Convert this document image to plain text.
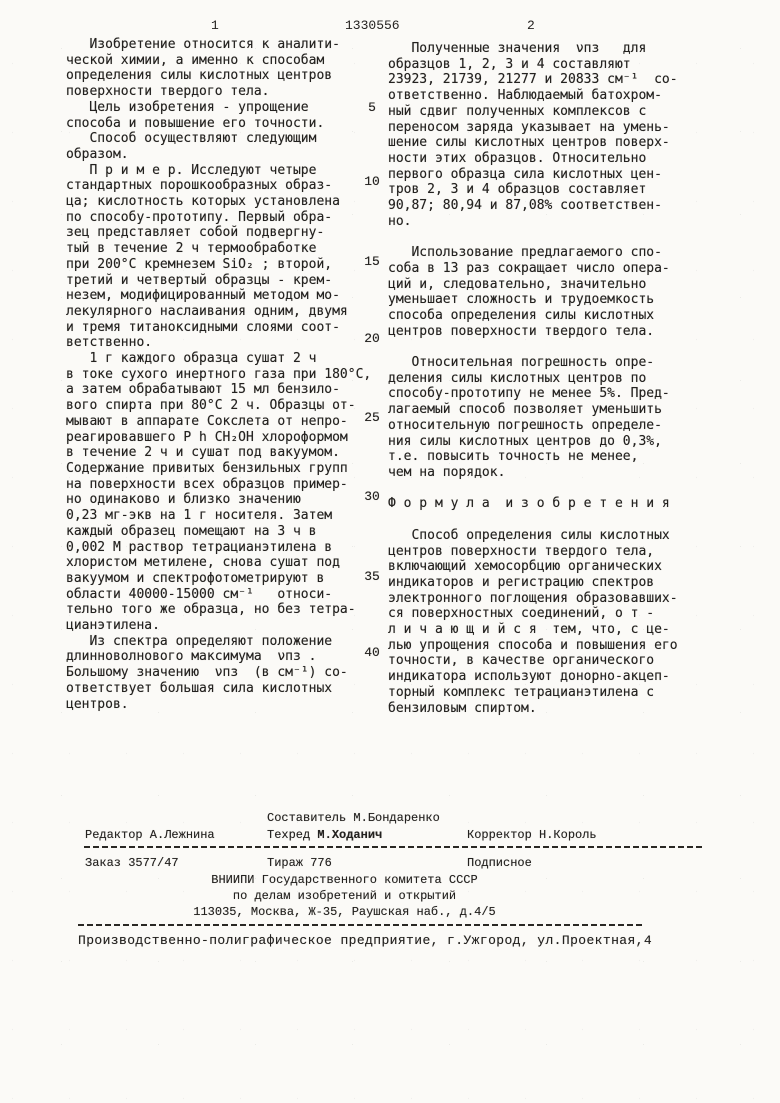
1	1330556	2
Изобретение относится к аналити-
ческой химии, а именно к способам
определения силы кислотных центров
поверхности твердого тела.
Цель изобретения - упрощение
способа и повышение его точности.
Способ осуществляют следующим
образом.
П р и м е р. Исследуют четыре
стандартных порошкообразных образ-
ца; кислотность которых установлена
по способу-прототипу. Первый обра-
зец представляет собой подвергну-
тый в течение 2 ч термообработке
при 200°С кремнезем SiO₂ ; второй,
третий и четвертый образцы - крем-
незем, модифицированный методом мо-
лекулярного наслаивания одним, двумя
и тремя титаноксидными слоями соот-
ветственно.
1 г каждого образца сушат 2 ч
в токе сухого инертного газа при 180°С,
а затем обрабатывают 15 мл бензило-
вого спирта при 80°С 2 ч. Образцы от-
мывают в аппарате Сокслета от непро-
реагировавшего P h CH₂OH хлороформом
в течение 2 ч и сушат под вакуумом.
Содержание привитых бензильных групп
на поверхности всех образцов пример-
но одинаково и близко значению
0,23 мг-экв на 1 г носителя. Затем
каждый образец помещают на 3 ч в
0,002 М раствор тетрацианэтилена в
хлористом метилене, снова сушат под
вакуумом и спектрофотометрируют в
области 40000-15000 см⁻¹   относи-
тельно того же образца, но без тетра-
цианэтилена.
Из спектра определяют положение
длинноволнового максимума  νпз .
Большому значению  νпз  (в см⁻¹) со-
ответствует большая сила кислотных
центров.
Полученные значения  νпз   для
образцов 1, 2, 3 и 4 составляют
23923, 21739, 21277 и 20833 см⁻¹  со-
ответственно. Наблюдаемый батохром-
ный сдвиг полученных комплексов с
переносом заряда указывает на умень-
шение силы кислотных центров поверх-
ности этих образцов. Относительно
первого образца сила кислотных цен-
тров 2, 3 и 4 образцов составляет
90,87; 80,94 и 87,08% соответствен-
но.

Использование предлагаемого спо-
соба в 13 раз сокращает число опера-
ций и, следовательно, значительно
уменьшает сложность и трудоемкость
способа определения силы кислотных
центров поверхности твердого тела.

Относительная погрешность опре-
деления силы кислотных центров по
способу-прототипу не менее 5%. Пред-
лагаемый способ позволяет уменьшить
относительную погрешность определе-
ния силы кислотных центров до 0,3%,
т.е. повысить точность не менее,
чем на порядок.

Ф о р м у л а  и з о б р е т е н и я

Способ определения силы кислотных
центров поверхности твердого тела,
включающий хемосорбцию органических
индикаторов и регистрацию спектров
электронного поглощения образовавших-
ся поверхностных соединений, о т -
л и ч а ю щ и й с я  тем, что, с це-
лью упрощения способа и повышения его
точности, в качестве органического
индикатора используют донорно-акцеп-
торный комплекс тетрацианэтилена с
бензиловым спиртом.
5
10
15
20
25
30
35
40
Составитель М.Бондаренко
Редактор А.Лежнина	Техред М.Ходанич	Корректор Н.Король
Заказ 3577/47	Тираж 776	Подписное
ВНИИПИ Государственного комитета СССР
по делам изобретений и открытий
113035, Москва, Ж-35, Раушская наб., д.4/5
Производственно-полиграфическое предприятие, г.Ужгород, ул.Проектная,4
